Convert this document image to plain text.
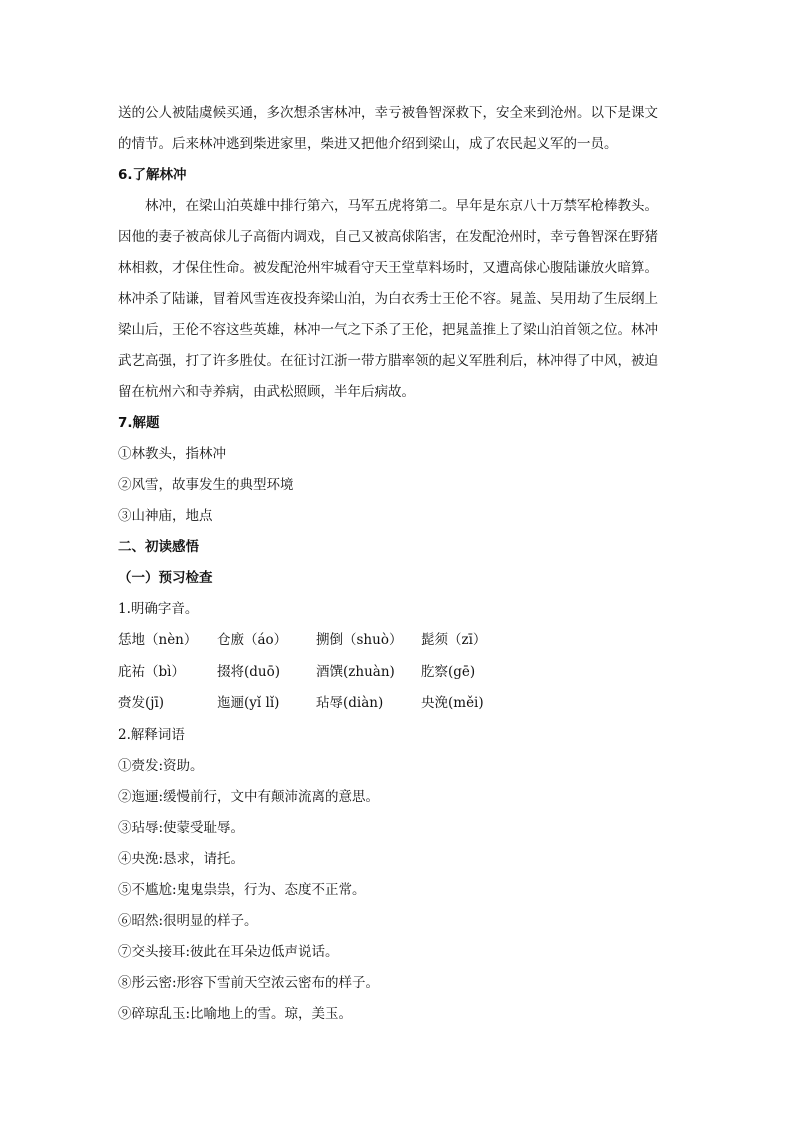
送的公人被陆虞候买通，多次想杀害林冲，幸亏被鲁智深救下，安全来到沧州。以下是课文
的情节。后来林冲逃到柴进家里，柴进又把他介绍到梁山，成了农民起义军的一员。
6.了解林冲
林冲，在梁山泊英雄中排行第六，马军五虎将第二。早年是东京八十万禁军枪棒教头。
因他的妻子被高俅儿子高衙内调戏，自己又被高俅陷害，在发配沧州时，幸亏鲁智深在野猪
林相救，才保住性命。被发配沧州牢城看守天王堂草料场时，又遭高俅心腹陆谦放火暗算。
林冲杀了陆谦，冒着风雪连夜投奔梁山泊，为白衣秀士王伦不容。晁盖、吴用劫了生辰纲上
梁山后，王伦不容这些英雄，林冲一气之下杀了王伦，把晁盖推上了梁山泊首领之位。林冲
武艺高强，打了许多胜仗。在征讨江浙一带方腊率领的起义军胜利后，林冲得了中风，被迫
留在杭州六和寺养病，由武松照顾，半年后病故。
7.解题
①林教头，指林冲
②风雪，故事发生的典型环境
③山神庙，地点
二、初读感悟
（一）预习检查
1.明确字音。
恁地（nèn） 仓廒（áo） 搠倒（shuò） 髭须（zī）
庇祐（bì） 掇将(duō)	酒馔(zhuàn) 肐察(gē)
赍发(jī)	迤逦(yǐ lǐ)	玷辱(diàn)	央浼(měi)
2.解释词语
①赍发:资助。
②迤逦:缓慢前行，文中有颠沛流离的意思。
③玷辱:使蒙受耻辱。
④央浼:恳求，请托。
⑤不尴尬:鬼鬼祟祟，行为、态度不正常。
⑥昭然:很明显的样子。
⑦交头接耳:彼此在耳朵边低声说话。
⑧彤云密:形容下雪前天空浓云密布的样子。
⑨碎琼乱玉:比喻地上的雪。琼，美玉。
